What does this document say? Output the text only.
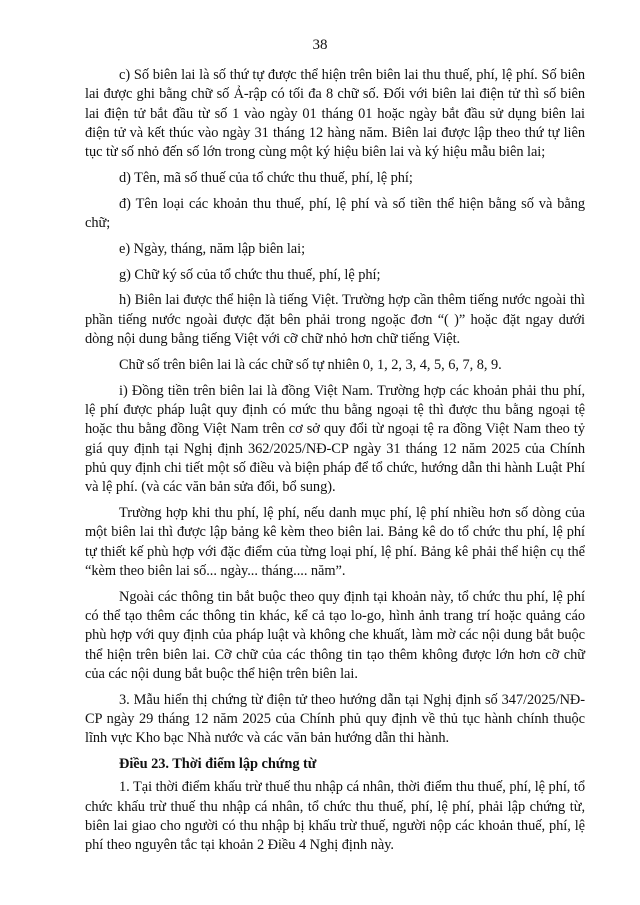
38

c) Số biên lai là số thứ tự được thể hiện trên biên lai thu thuế, phí, lệ phí. Số biên lai được ghi bằng chữ số Ả-rập có tối đa 8 chữ số. Đối với biên lai điện tử thì số biên lai điện tử bắt đầu từ số 1 vào ngày 01 tháng 01 hoặc ngày bắt đầu sử dụng biên lai điện tử và kết thúc vào ngày 31 tháng 12 hàng năm. Biên lai được lập theo thứ tự liên tục từ số nhỏ đến số lớn trong cùng một ký hiệu biên lai và ký hiệu mẫu biên lai;

d) Tên, mã số thuế của tổ chức thu thuế, phí, lệ phí;

đ) Tên loại các khoản thu thuế, phí, lệ phí và số tiền thể hiện bằng số và bằng chữ;

e) Ngày, tháng, năm lập biên lai;

g) Chữ ký số của tổ chức thu thuế, phí, lệ phí;

h) Biên lai được thể hiện là tiếng Việt. Trường hợp cần thêm tiếng nước ngoài thì phần tiếng nước ngoài được đặt bên phải trong ngoặc đơn “( )” hoặc đặt ngay dưới dòng nội dung bằng tiếng Việt với cỡ chữ nhỏ hơn chữ tiếng Việt.

Chữ số trên biên lai là các chữ số tự nhiên 0, 1, 2, 3, 4, 5, 6, 7, 8, 9.

i) Đồng tiền trên biên lai là đồng Việt Nam. Trường hợp các khoản phải thu phí, lệ phí được pháp luật quy định có mức thu bằng ngoại tệ thì được thu bằng ngoại tệ hoặc thu bằng đồng Việt Nam trên cơ sở quy đổi từ ngoại tệ ra đồng Việt Nam theo tỷ giá quy định tại Nghị định 362/2025/NĐ-CP ngày 31 tháng 12 năm 2025 của Chính phủ quy định chi tiết một số điều và biện pháp để tổ chức, hướng dẫn thi hành Luật Phí và lệ phí. (và các văn bản sửa đổi, bổ sung).

Trường hợp khi thu phí, lệ phí, nếu danh mục phí, lệ phí nhiều hơn số dòng của một biên lai thì được lập bảng kê kèm theo biên lai. Bảng kê do tổ chức thu phí, lệ phí tự thiết kế phù hợp với đặc điểm của từng loại phí, lệ phí. Bảng kê phải thể hiện cụ thể “kèm theo biên lai số... ngày... tháng.... năm”.

Ngoài các thông tin bắt buộc theo quy định tại khoản này, tổ chức thu phí, lệ phí có thể tạo thêm các thông tin khác, kể cả tạo lo-go, hình ảnh trang trí hoặc quảng cáo phù hợp với quy định của pháp luật và không che khuất, làm mờ các nội dung bắt buộc thể hiện trên biên lai. Cỡ chữ của các thông tin tạo thêm không được lớn hơn cỡ chữ của các nội dung bắt buộc thể hiện trên biên lai.

3. Mẫu hiển thị chứng từ điện tử theo hướng dẫn tại Nghị định số 347/2025/NĐ-CP ngày 29 tháng 12 năm 2025 của Chính phủ quy định về thủ tục hành chính thuộc lĩnh vực Kho bạc Nhà nước và các văn bản hướng dẫn thi hành.

Điều 23. Thời điểm lập chứng từ

1. Tại thời điểm khấu trừ thuế thu nhập cá nhân, thời điểm thu thuế, phí, lệ phí, tổ chức khấu trừ thuế thu nhập cá nhân, tổ chức thu thuế, phí, lệ phí, phải lập chứng từ, biên lai giao cho người có thu nhập bị khấu trừ thuế, người nộp các khoản thuế, phí, lệ phí theo nguyên tắc tại khoản 2 Điều 4 Nghị định này.
